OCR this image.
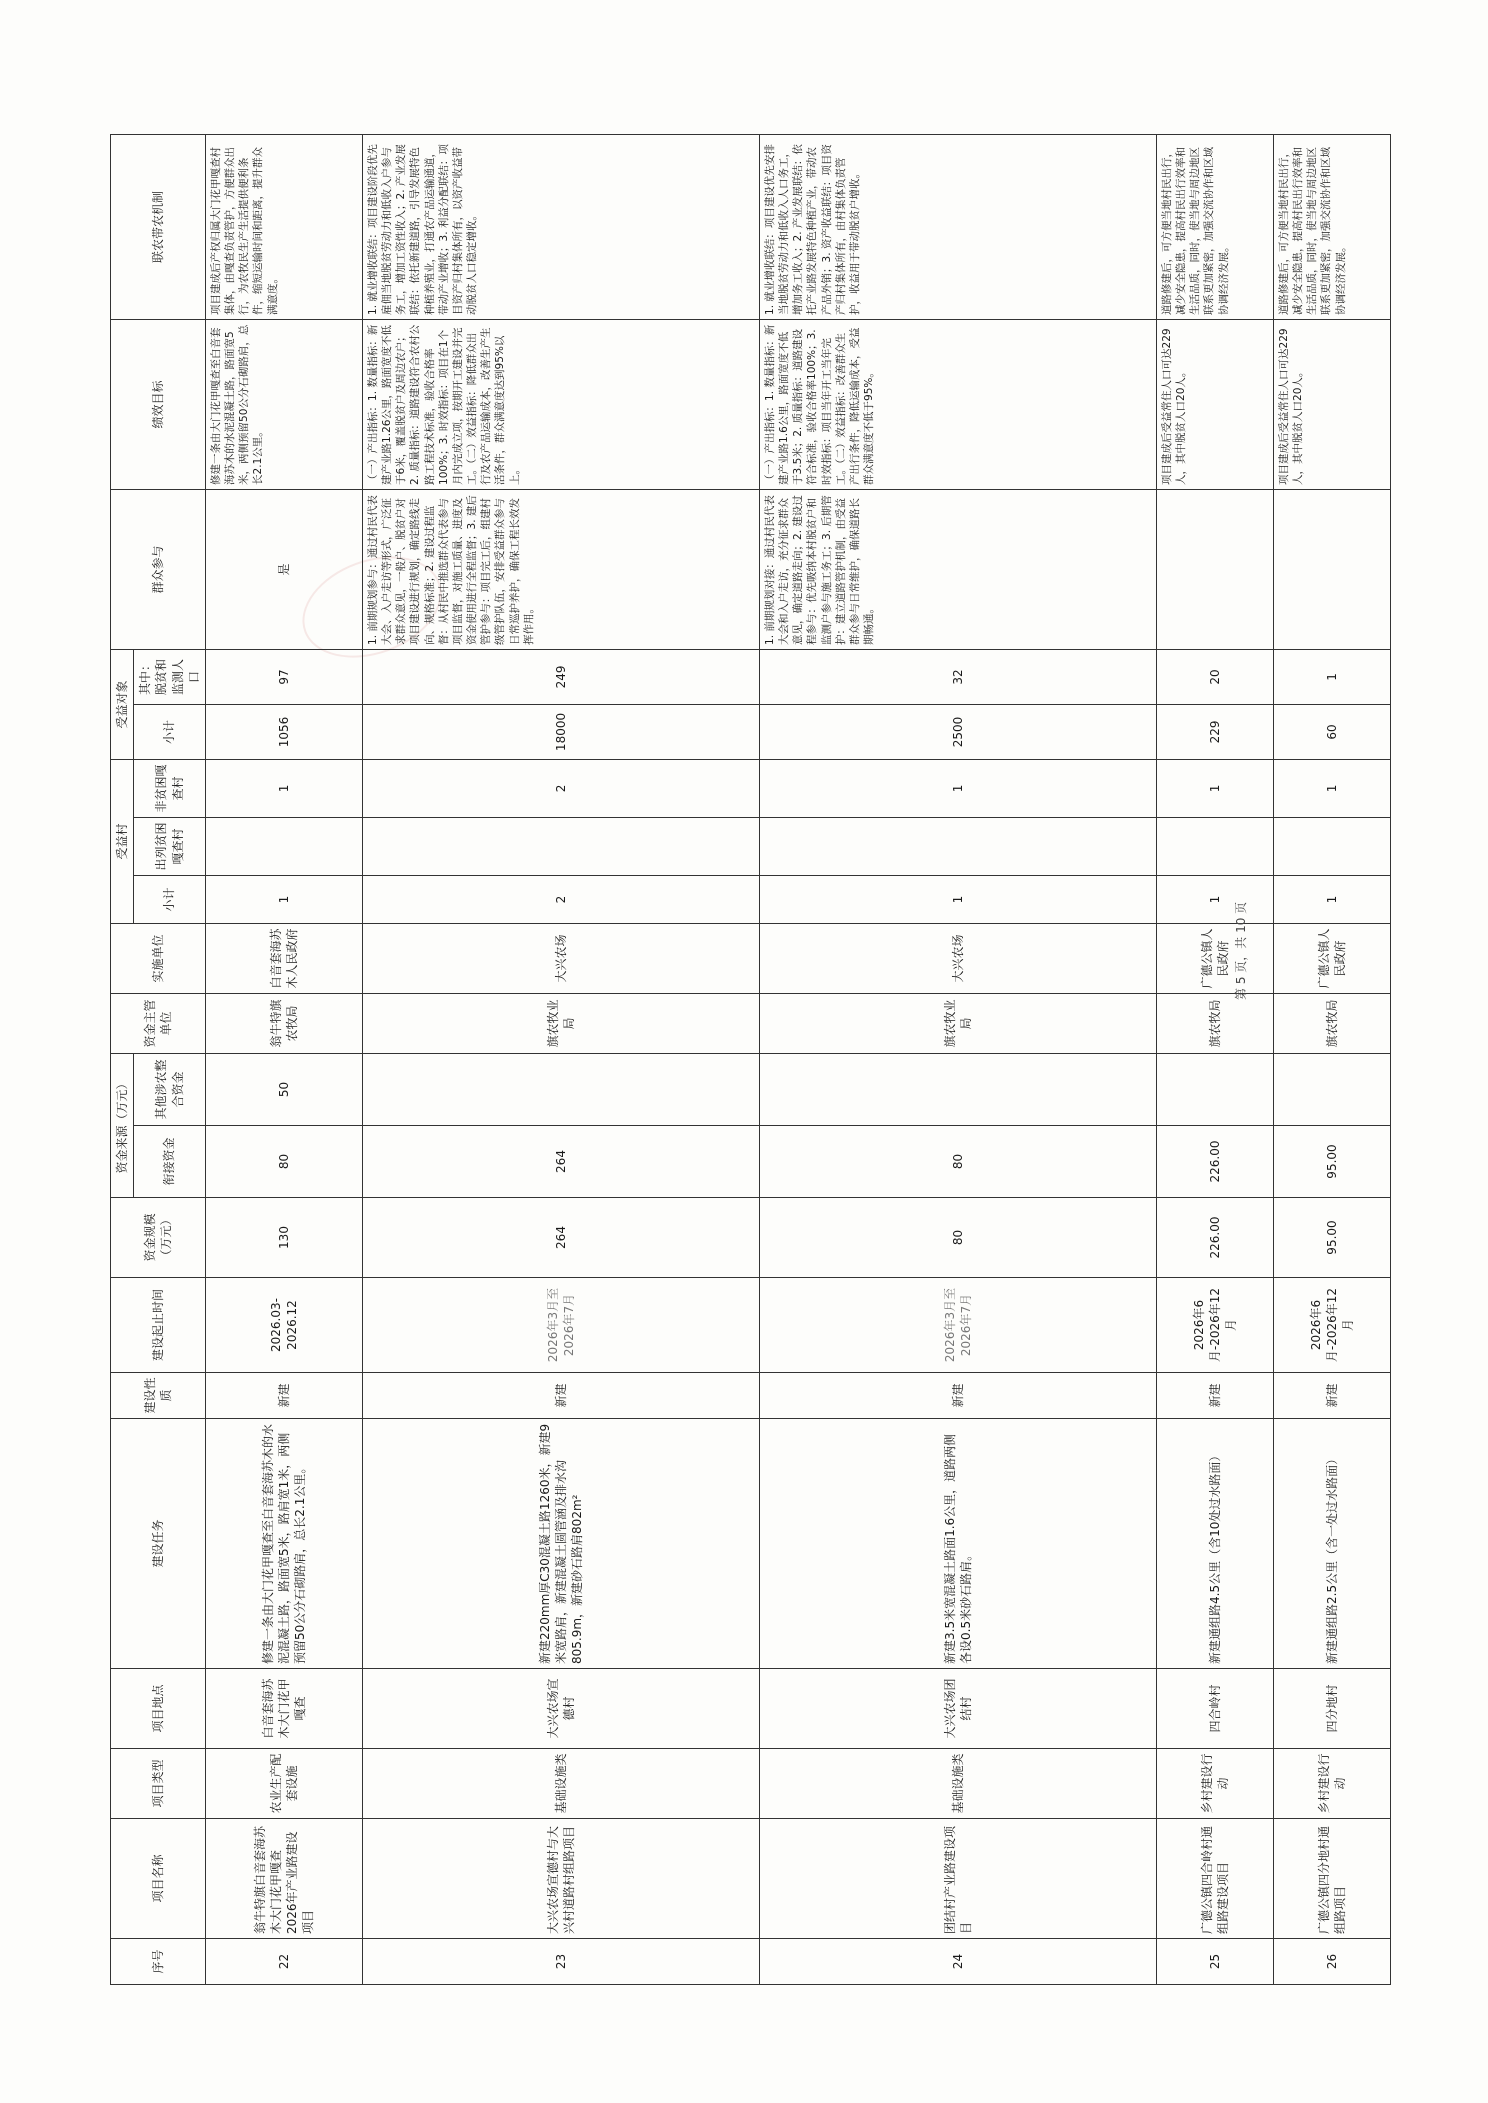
序号	项目名称	项目类型	项目地点	建设任务	建设性质	建设起止时间	资金规模（万元）	资金来源（万元）		资金主管单位	实施单位	受益村			受益对象		群众参与	绩效目标	联农带农机制
								衔接资金	其他涉农整合资金			小计	出列贫困嘎查村	非贫困嘎查村	小计	其中：脱贫和监测人口			
22	翁牛特旗白音套海苏木大门花甲嘎查2026年产业路建设项目	农业生产配套设施	白音套海苏木大门花甲嘎查	修建一条由大门花甲嘎查至白音套海苏木的水泥混凝土路，路面宽5米，路肩宽1米，两侧预留50公分石砌路肩，总长2.1公里。	新建	2026.03-2026.12	130	80	50	翁牛特旗农牧局	白音套海苏木人民政府	1		1	1056	97	是	修建一条由大门花甲嘎查至白音套海苏木的水泥混凝土路，路面宽5米，两侧预留50公分石砌路肩，总长2.1公里。	项目建成后产权归属大门花甲嘎查村集体，由嘎查负责管护，方便群众出行，为农牧民生产生活提供便利条件，缩短运输时间和距离，提升群众满意度。
23	大兴农场宣德村与大兴村道路村组路项目	基础设施类	大兴农场宣德村	新建220mm厚C30混凝土路1260米，新建9米宽路肩，新建混凝土圆管涵及排水沟805.9m，新建砂石路肩802m²	新建	2026年3月至2026年7月	264	264		旗农牧业局	大兴农场	2		2	18000	249	1. 前期规划参与：通过村民代表大会、入户走访等形式，广泛征求群众意见，一般户、脱贫户对项目建设进行规划，确定路线走向、规格标准；2. 建设过程监督：从村民中推选群众代表参与项目监督，对施工质量、进度及资金使用进行全程监督；3. 建后管护参与：项目完工后，组建村级管护队伍，安排受益群众参与日常巡护养护，确保工程长效发挥作用。	（一）产出指标：1. 数量指标：新建产业路1.26公里，路面宽度不低于6米，覆盖脱贫户及周边农户；2. 质量指标：道路建设符合农村公路工程技术标准，验收合格率100%；3. 时效指标：项目在1个月内完成立项，按期开工建设并完工。（二）效益指标：降低群众出行及农产品运输成本，改善生产生活条件，群众满意度达到95%以上。	1. 就业增收联结：项目建设阶段优先雇佣当地脱贫劳动力和低收入户参与务工，增加工资性收入；2. 产业发展联结：依托新建道路，引导发展特色种植养殖业，打通农产品运输通道，带动产业增收；3. 利益分配联结：项目资产归村集体所有，以资产收益带动脱贫人口稳定增收。
24	团结村产业路建设项目	基础设施类	大兴农场团结村	新建3.5米宽混凝土路面1.6公里，道路两侧各设0.5米砂石路肩。	新建	2026年3月至2026年7月	80	80		旗农牧业局	大兴农场	1		1	2500	32	1. 前期规划对接：通过村民代表大会和入户走访，充分征求群众意见，确定道路走向；2. 建设过程参与：优先吸纳本村脱贫户和监测户参与施工务工；3. 后期管护：建立道路管护机制，由受益群众参与日常维护，确保道路长期畅通。	（一）产出指标：1. 数量指标：新建产业路1.6公里，路面宽度不低于3.5米；2. 质量指标：道路建设符合标准，验收合格率100%；3. 时效指标：项目当年开工当年完工。（二）效益指标：改善群众生产出行条件，降低运输成本，受益群众满意度不低于95%。	1. 就业增收联结：项目建设优先安排当地脱贫劳动力和低收入人口务工，增加务工收入；2. 产业发展联结：依托产业路发展特色种植产业，带动农产品外销；3. 资产收益联结：项目资产归村集体所有，由村集体负责管护，收益用于带动脱贫户增收。
25	广德公镇四合岭村通组路建设项目	乡村建设行动	四合岭村	新建通组路4.5公里（含10处过水路面）	新建	2026年6月-2026年12月	226.00	226.00		旗农牧局	广德公镇人民政府	1		1	229	20		项目建成后受益常住人口可达229人，其中脱贫人口20人。	道路修建后，可方便当地村民出行，减少安全隐患，提高村民出行效率和生活品质，同时，使当地与周边地区联系更加紧密，加强交流协作和区域协调经济发展。
26	广德公镇四分地村通组路项目	乡村建设行动	四分地村	新建通组路2.5公里（含一处过水路面）	新建	2026年6月-2026年12月	95.00	95.00		旗农牧局	广德公镇人民政府	1		1	60	1		项目建成后受益常住人口可达229人，其中脱贫人口20人。	道路修建后，可方便当地村民出行，减少安全隐患，提高村民出行效率和生活品质，同时，使当地与周边地区联系更加紧密，加强交流协作和区域协调经济发展。
第 5 页，共 10 页
